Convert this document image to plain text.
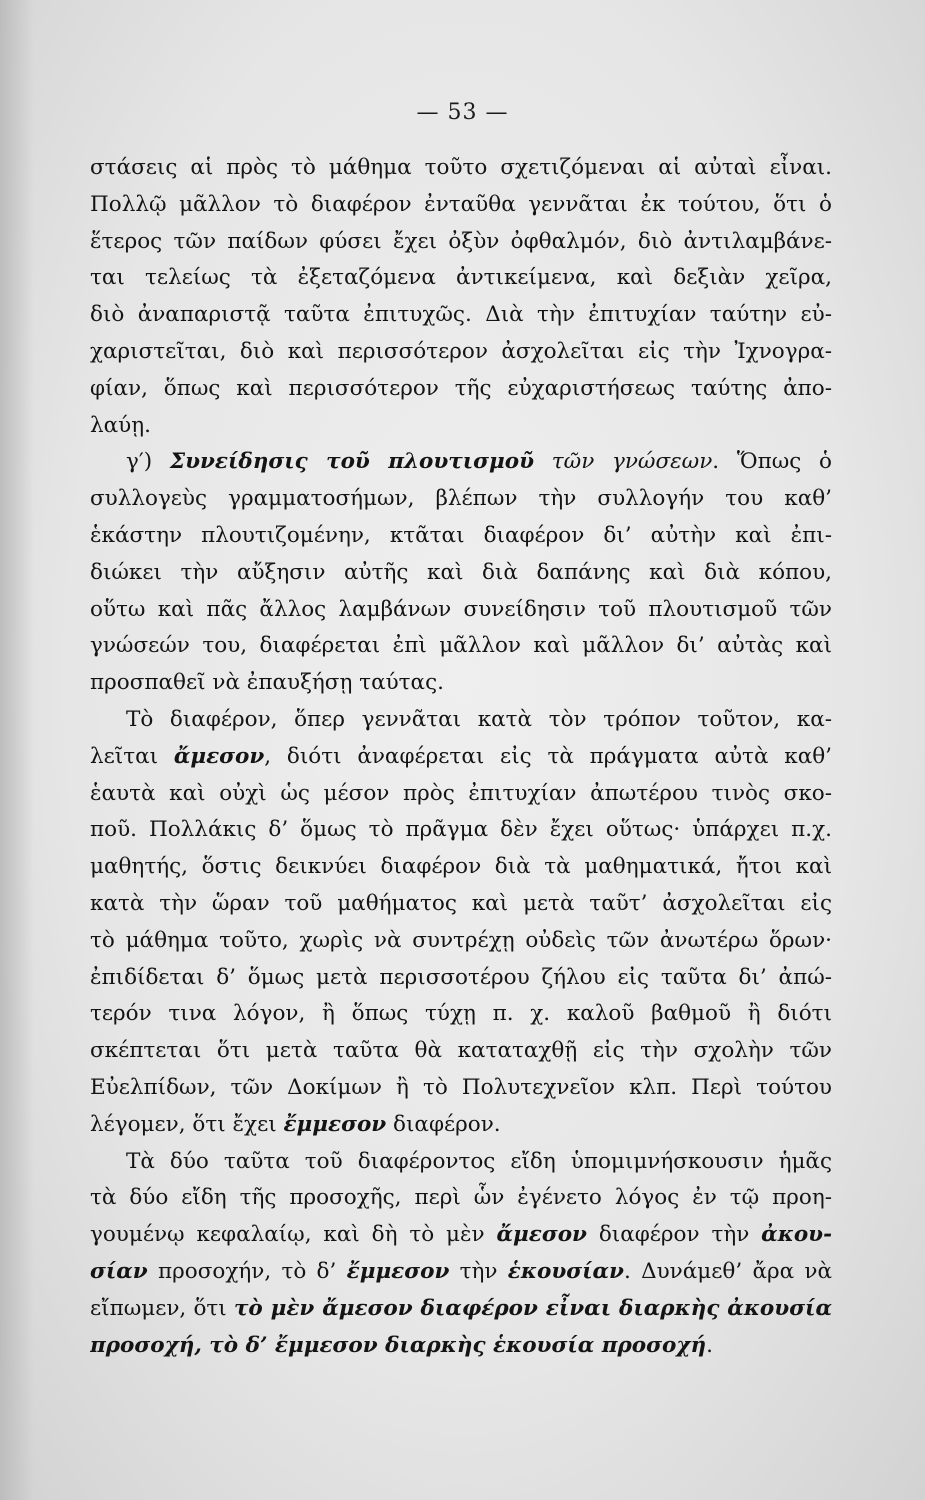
— 53 —
στάσεις αἱ πρὸς τὸ μάθημα τοῦτο σχετιζόμεναι αἱ αὐταὶ εἶναι.
Πολλῷ μᾶλλον τὸ διαφέρον ἐνταῦθα γεννᾶται ἐκ τούτου, ὅτι ὁ
ἕτερος τῶν παίδων φύσει ἔχει ὀξὺν ὀφθαλμόν, διὸ ἀντιλαμβάνε-
ται τελείως τὰ ἐξεταζόμενα ἀντικείμενα, καὶ δεξιὰν χεῖρα,
διὸ ἀναπαριστᾷ ταῦτα ἐπιτυχῶς. Διὰ τὴν ἐπιτυχίαν ταύτην εὐ-
χαριστεῖται, διὸ καὶ περισσότερον ἀσχολεῖται εἰς τὴν Ἰχνογρα-
φίαν, ὅπως καὶ περισσότερον τῆς εὐχαριστήσεως ταύτης ἀπο-
λαύῃ.
γ′) Συνείδησις τοῦ πλουτισμοῦ τῶν γνώσεων. Ὅπως ὁ
συλλογεὺς γραμματοσήμων, βλέπων τὴν συλλογήν του καθ’
ἑκάστην πλουτιζομένην, κτᾶται διαφέρον δι’ αὐτὴν καὶ ἐπι-
διώκει τὴν αὔξησιν αὐτῆς καὶ διὰ δαπάνης καὶ διὰ κόπου,
οὕτω καὶ πᾶς ἄλλος λαμβάνων συνείδησιν τοῦ πλουτισμοῦ τῶν
γνώσεών του, διαφέρεται ἐπὶ μᾶλλον καὶ μᾶλλον δι’ αὐτὰς καὶ
προσπαθεῖ νὰ ἐπαυξήσῃ ταύτας.
Τὸ διαφέρον, ὅπερ γεννᾶται κατὰ τὸν τρόπον τοῦτον, κα-
λεῖται ἄμεσον, διότι ἀναφέρεται εἰς τὰ πράγματα αὐτὰ καθ’
ἑαυτὰ καὶ οὐχὶ ὡς μέσον πρὸς ἐπιτυχίαν ἀπωτέρου τινὸς σκο-
ποῦ. Πολλάκις δ’ ὅμως τὸ πρᾶγμα δὲν ἔχει οὕτως· ὑπάρχει π.χ.
μαθητής, ὅστις δεικνύει διαφέρον διὰ τὰ μαθηματικά, ἤτοι καὶ
κατὰ τὴν ὥραν τοῦ μαθήματος καὶ μετὰ ταῦτ’ ἀσχολεῖται εἰς
τὸ μάθημα τοῦτο, χωρὶς νὰ συντρέχῃ οὐδεὶς τῶν ἀνωτέρω ὅρων·
ἐπιδίδεται δ’ ὅμως μετὰ περισσοτέρου ζήλου εἰς ταῦτα δι’ ἀπώ-
τερόν τινα λόγον, ἢ ὅπως τύχῃ π. χ. καλοῦ βαθμοῦ ἢ διότι
σκέπτεται ὅτι μετὰ ταῦτα θὰ καταταχθῇ εἰς τὴν σχολὴν τῶν
Εὐελπίδων, τῶν Δοκίμων ἢ τὸ Πολυτεχνεῖον κλπ. Περὶ τούτου
λέγομεν, ὅτι ἔχει ἔμμεσον διαφέρον.
Τὰ δύο ταῦτα τοῦ διαφέροντος εἴδη ὑπομιμνήσκουσιν ἡμᾶς
τὰ δύο εἴδη τῆς προσοχῆς, περὶ ὧν ἐγένετο λόγος ἐν τῷ προη-
γουμένῳ κεφαλαίῳ, καὶ δὴ τὸ μὲν ἄμεσον διαφέρον τὴν ἀκου-
σίαν προσοχήν, τὸ δ’ ἔμμεσον τὴν ἑκουσίαν. Δυνάμεθ’ ἄρα νὰ
εἴπωμεν, ὅτι τὸ μὲν ἄμεσον διαφέρον εἶναι διαρκὴς ἀκουσία
προσοχή, τὸ δ’ ἔμμεσον διαρκὴς ἑκουσία προσοχή.
